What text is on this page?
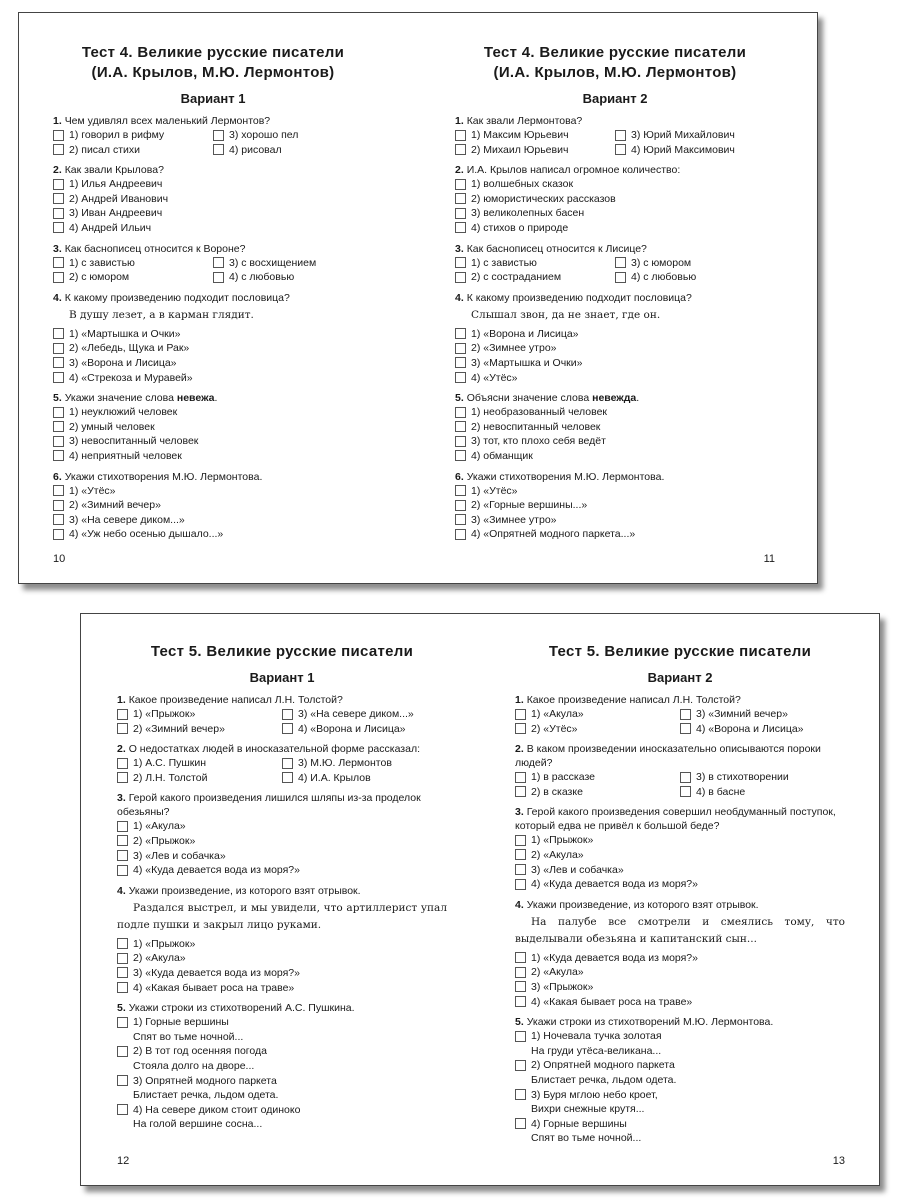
Тест 4. Великие русские писатели
(И.А. Крылов, М.Ю. Лермонтов)
Вариант 1
1. Чем удивлял всех маленький Лермонтов?
1) говорил в рифму	3) хорошо пел
2) писал стихи	4) рисовал
2. Как звали Крылова?
1) Илья Андреевич
2) Андрей Иванович
3) Иван Андреевич
4) Андрей Ильич
3. Как баснописец относится к Вороне?
1) с завистью	3) с восхищением
2) с юмором	4) с любовью
4. К какому произведению подходит пословица?
В душу лезет, а в карман глядит.
1) «Мартышка и Очки»
2) «Лебедь, Щука и Рак»
3) «Ворона и Лисица»
4) «Стрекоза и Муравей»
5. Укажи значение слова невежа.
1) неуклюжий человек
2) умный человек
3) невоспитанный человек
4) неприятный человек
6. Укажи стихотворения М.Ю. Лермонтова.
1) «Утёс»
2) «Зимний вечер»
3) «На севере диком...»
4) «Уж небо осенью дышало...»
10
Тест 4. Великие русские писатели
(И.А. Крылов, М.Ю. Лермонтов)
Вариант 2
1. Как звали Лермонтова?
1) Максим Юрьевич	3) Юрий Михайлович
2) Михаил Юрьевич	4) Юрий Максимович
2. И.А. Крылов написал огромное количество:
1) волшебных сказок
2) юмористических рассказов
3) великолепных басен
4) стихов о природе
3. Как баснописец относится к Лисице?
1) с завистью	3) с юмором
2) с состраданием	4) с любовью
4. К какому произведению подходит пословица?
Слышал звон, да не знает, где он.
1) «Ворона и Лисица»
2) «Зимнее утро»
3) «Мартышка и Очки»
4) «Утёс»
5. Объясни значение слова невежда.
1) необразованный человек
2) невоспитанный человек
3) тот, кто плохо себя ведёт
4) обманщик
6. Укажи стихотворения М.Ю. Лермонтова.
1) «Утёс»
2) «Горные вершины...»
3) «Зимнее утро»
4) «Опрятней модного паркета...»
11
Тест 5. Великие русские писатели
Вариант 1
1. Какое произведение написал Л.Н. Толстой?
1) «Прыжок»	3) «На севере диком...»
2) «Зимний вечер»	4) «Ворона и Лисица»
2. О недостатках людей в иносказательной форме рассказал:
1) А.С. Пушкин	3) М.Ю. Лермонтов
2) Л.Н. Толстой	4) И.А. Крылов
3. Герой какого произведения лишился шляпы из-за проделок обезьяны?
1) «Акула»
2) «Прыжок»
3) «Лев и собачка»
4) «Куда девается вода из моря?»
4. Укажи произведение, из которого взят отрывок.
Раздался выстрел, и мы увидели, что артиллерист упал подле пушки и закрыл лицо руками.
1) «Прыжок»
2) «Акула»
3) «Куда девается вода из моря?»
4) «Какая бывает роса на траве»
5. Укажи строки из стихотворений А.С. Пушкина.
1) Горные вершины
Спят во тьме ночной...
2) В тот год осенняя погода
Стояла долго на дворе...
3) Опрятней модного паркета
Блистает речка, льдом одета.
4) На севере диком стоит одиноко
На голой вершине сосна...
12
Тест 5. Великие русские писатели
Вариант 2
1. Какое произведение написал Л.Н. Толстой?
1) «Акула»	3) «Зимний вечер»
2) «Утёс»	4) «Ворона и Лисица»
2. В каком произведении иносказательно описываются пороки людей?
1) в рассказе	3) в стихотворении
2) в сказке	4) в басне
3. Герой какого произведения совершил необдуманный поступок, который едва не привёл к большой беде?
1) «Прыжок»
2) «Акула»
3) «Лев и собачка»
4) «Куда девается вода из моря?»
4. Укажи произведение, из которого взят отрывок.
На палубе все смотрели и смеялись тому, что выделывали обезьяна и капитанский сын...
1) «Куда девается вода из моря?»
2) «Акула»
3) «Прыжок»
4) «Какая бывает роса на траве»
5. Укажи строки из стихотворений М.Ю. Лермонтова.
1) Ночевала тучка золотая
На груди утёса-великана...
2) Опрятней модного паркета
Блистает речка, льдом одета.
3) Буря мглою небо кроет,
Вихри снежные крутя...
4) Горные вершины
Спят во тьме ночной...
13
